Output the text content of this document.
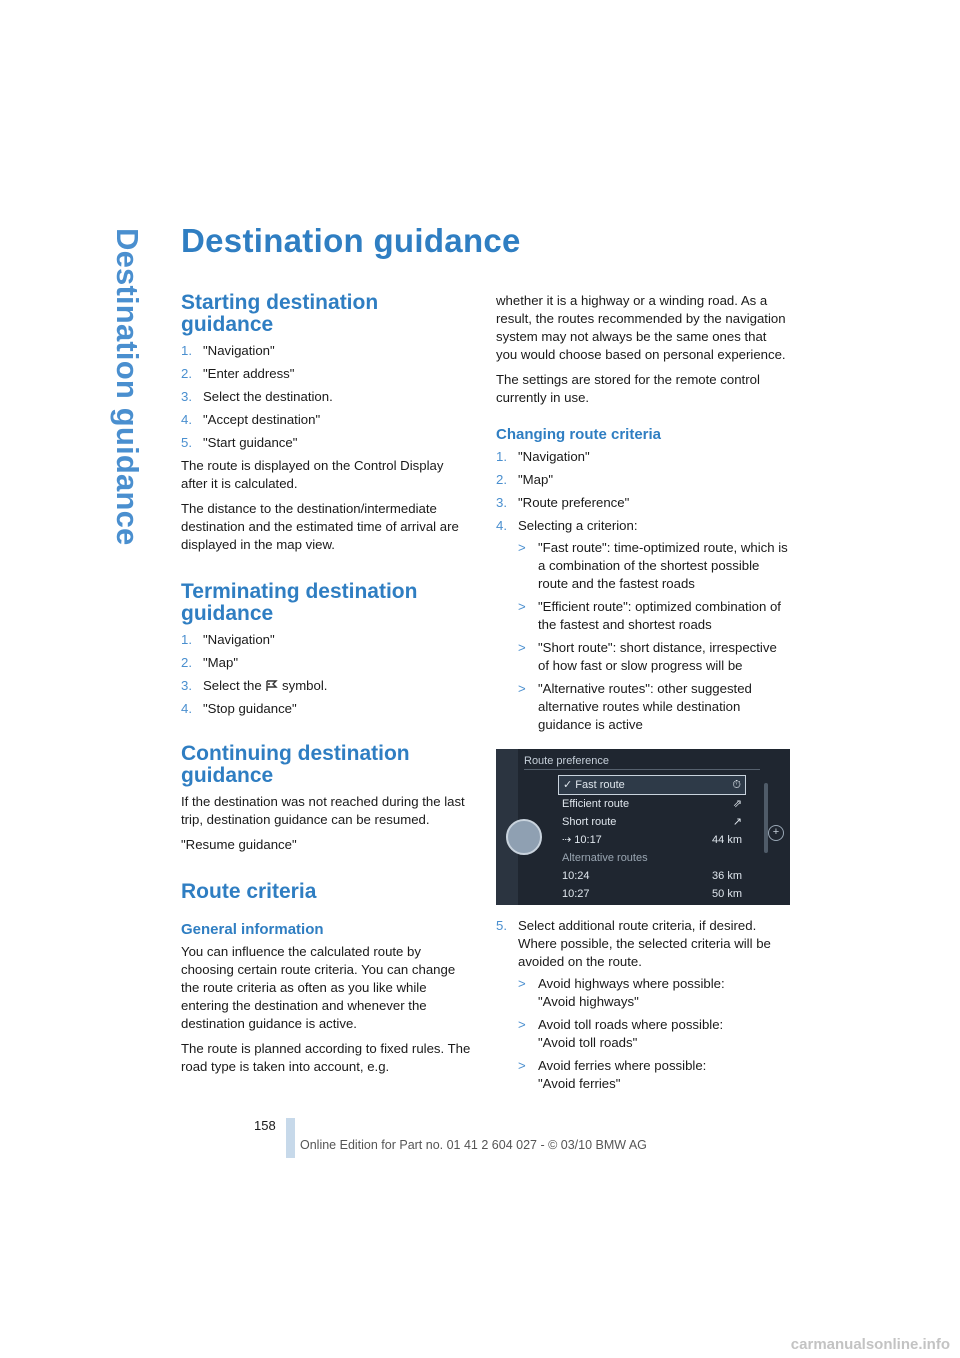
Destination guidance Destination guidance
Starting destination guidance
1. "Navigation"
2. "Enter address"
3. Select the destination.
4. "Accept destination"
5. "Start guidance"

The route is displayed on the Control Display after it is calculated.

The distance to the destination/intermediate destination and the estimated time of arrival are displayed in the map view.

Terminating destination guidance
1. "Navigation"
2. "Map"
3. Select the symbol.
4. "Stop guidance"
Continuing destination guidance

If the destination was not reached during the last trip, destination guidance can be resumed.

"Resume guidance"

Route criteria
General information

You can influence the calculated route by choosing certain route criteria. You can change the route criteria as often as you like while entering the destination and whenever the destination guidance is active.

The route is planned according to fixed rules. The road type is taken into account, e.g.

whether it is a highway or a winding road. As a result, the routes recommended by the navigation system may not always be the same ones that you would choose based on personal experience.

The settings are stored for the remote control currently in use.

Changing route criteria
1. "Navigation"
2. "Map"
3. "Route preference"
4. Selecting a criterion:
> "Fast route": time-optimized route, which is a combination of the shortest possible route and the fastest roads
> "Efficient route": optimized combination of the fastest and shortest roads
> "Short route": short distance, irrespective of how fast or slow progress will be
> "Alternative routes": other suggested alternative routes while destination guidance is active
Route preference
✓ Fast route	⏱
Efficient route	⇗
Short route	↗
⇢ 10:17	44 km
Alternative routes
10:24	36 km
10:27	50 km
+
5. Select additional route criteria, if desired. Where possible, the selected criteria will be avoided on the route.
> Avoid highways where possible:
"Avoid highways"
> Avoid toll roads where possible:
"Avoid toll roads"
> Avoid ferries where possible:
"Avoid ferries"
158
Online Edition for Part no. 01 41 2 604 027 - © 03/10 BMW AG
carmanualsonline.info
